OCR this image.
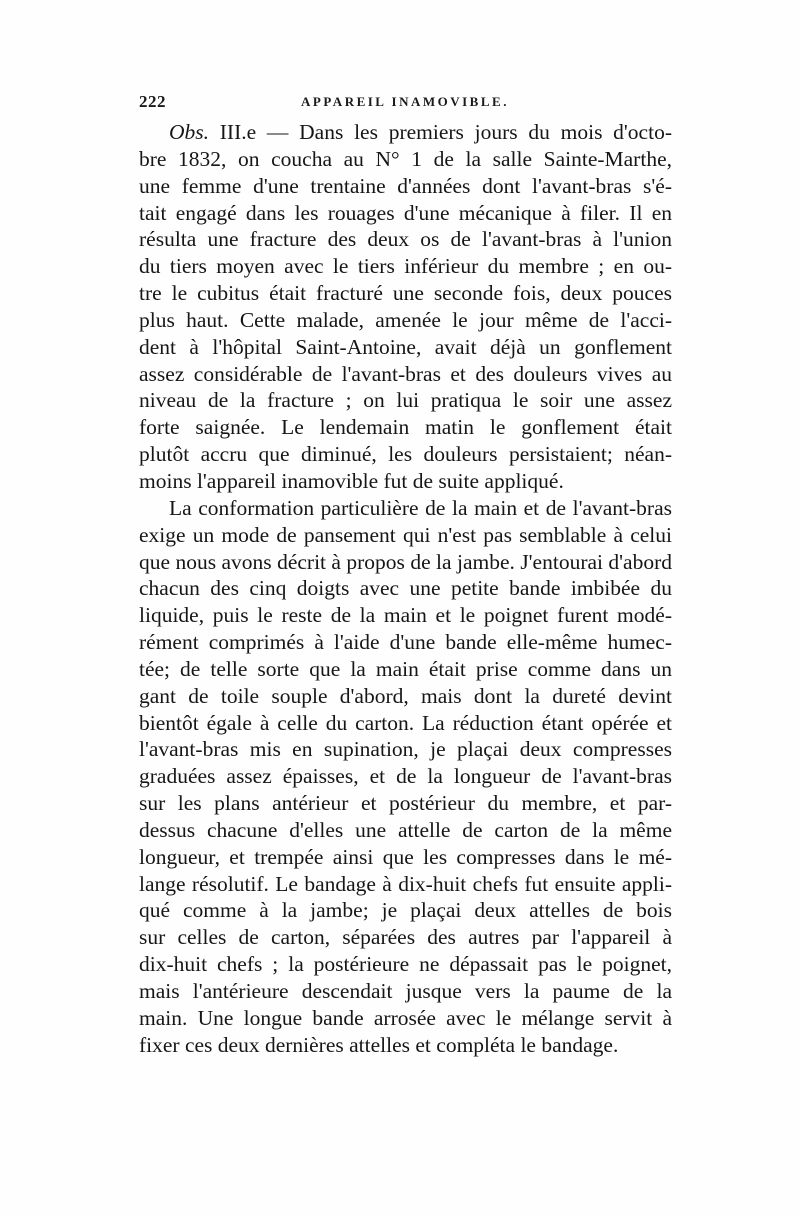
222	APPAREIL INAMOVIBLE.
Obs. III.e — Dans les premiers jours du mois d'octo-
bre 1832, on coucha au N° 1 de la salle Sainte-Marthe,
une femme d'une trentaine d'années dont l'avant-bras s'é-
tait engagé dans les rouages d'une mécanique à filer. Il en
résulta une fracture des deux os de l'avant-bras à l'union
du tiers moyen avec le tiers inférieur du membre ; en ou-
tre le cubitus était fracturé une seconde fois, deux pouces
plus haut. Cette malade, amenée le jour même de l'acci-
dent à l'hôpital Saint-Antoine, avait déjà un gonflement
assez considérable de l'avant-bras et des douleurs vives au
niveau de la fracture ; on lui pratiqua le soir une assez
forte saignée. Le lendemain matin le gonflement était
plutôt accru que diminué, les douleurs persistaient; néan-
moins l'appareil inamovible fut de suite appliqué.
La conformation particulière de la main et de l'avant-bras
exige un mode de pansement qui n'est pas semblable à celui
que nous avons décrit à propos de la jambe. J'entourai d'abord
chacun des cinq doigts avec une petite bande imbibée du
liquide, puis le reste de la main et le poignet furent modé-
rément comprimés à l'aide d'une bande elle-même humec-
tée; de telle sorte que la main était prise comme dans un
gant de toile souple d'abord, mais dont la dureté devint
bientôt égale à celle du carton. La réduction étant opérée et
l'avant-bras mis en supination, je plaçai deux compresses
graduées assez épaisses, et de la longueur de l'avant-bras
sur les plans antérieur et postérieur du membre, et par-
dessus chacune d'elles une attelle de carton de la même
longueur, et trempée ainsi que les compresses dans le mé-
lange résolutif. Le bandage à dix-huit chefs fut ensuite appli-
qué comme à la jambe; je plaçai deux attelles de bois
sur celles de carton, séparées des autres par l'appareil à
dix-huit chefs ; la postérieure ne dépassait pas le poignet,
mais l'antérieure descendait jusque vers la paume de la
main. Une longue bande arrosée avec le mélange servit à
fixer ces deux dernières attelles et compléta le bandage.
